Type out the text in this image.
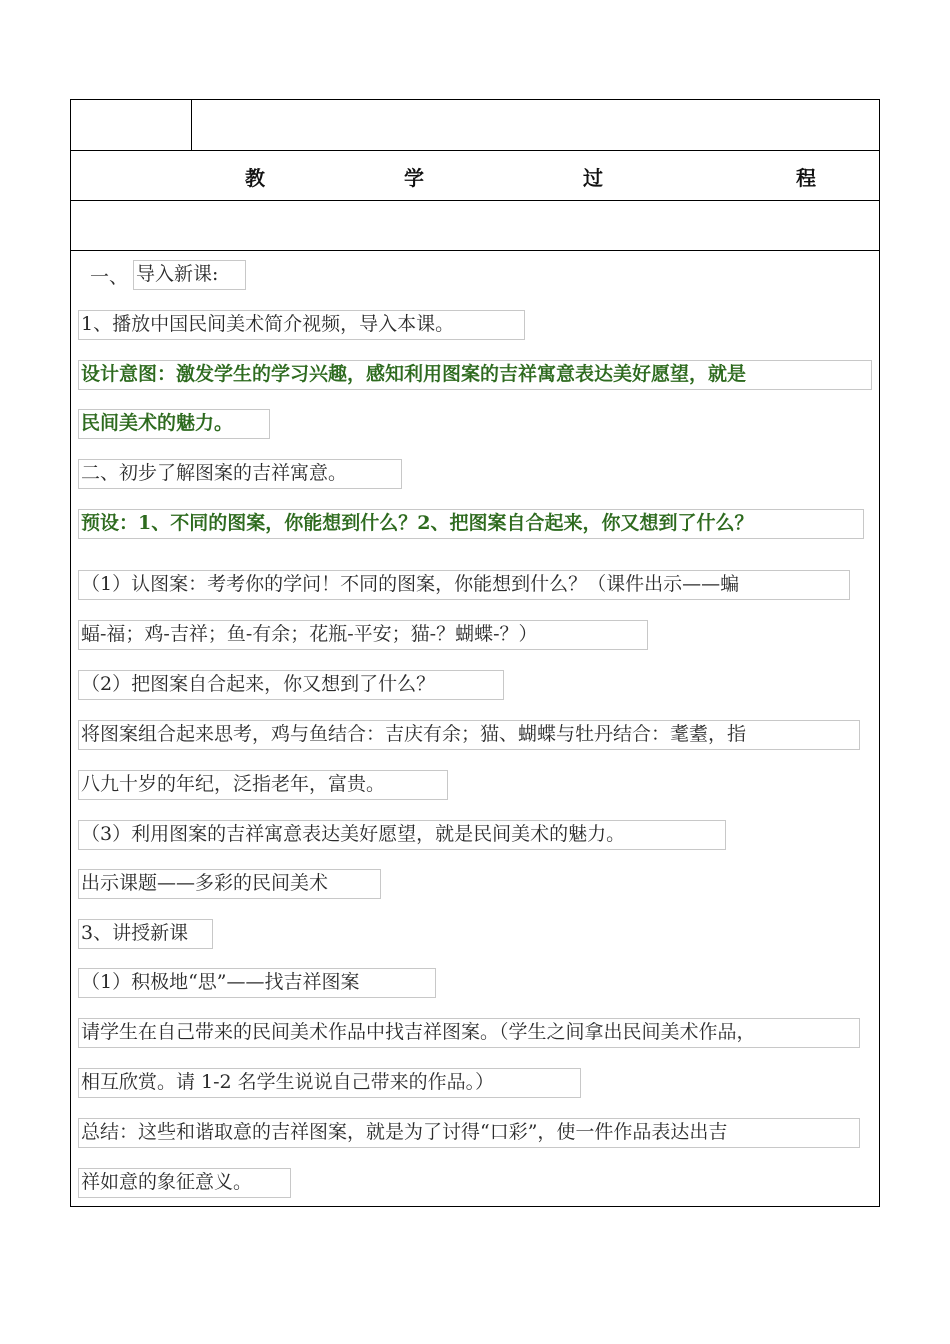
教	学	过	程
一、 导入新课:
1、播放中国民间美术简介视频，导入本课。
设计意图：激发学生的学习兴趣，感知利用图案的吉祥寓意表达美好愿望，就是
民间美术的魅力。
二、初步了解图案的吉祥寓意。
预设：1、不同的图案，你能想到什么？2、把图案自合起来，你又想到了什么？
（1）认图案：考考你的学问！不同的图案，你能想到什么？（课件出示——蝙
蝠-福；鸡-吉祥；鱼-有余；花瓶-平安；猫-？蝴蝶-？）
（2）把图案自合起来，你又想到了什么？
将图案组合起来思考，鸡与鱼结合：吉庆有余；猫、蝴蝶与牡丹结合：耄耋，指
八九十岁的年纪，泛指老年，富贵。
（3）利用图案的吉祥寓意表达美好愿望，就是民间美术的魅力。
出示课题——多彩的民间美术
3、讲授新课
（1）积极地“思”——找吉祥图案
请学生在自己带来的民间美术作品中找吉祥图案。（学生之间拿出民间美术作品，
相互欣赏。请 1-2 名学生说说自己带来的作品。）
总结：这些和谐取意的吉祥图案，就是为了讨得“口彩”，使一件作品表达出吉
祥如意的象征意义。
